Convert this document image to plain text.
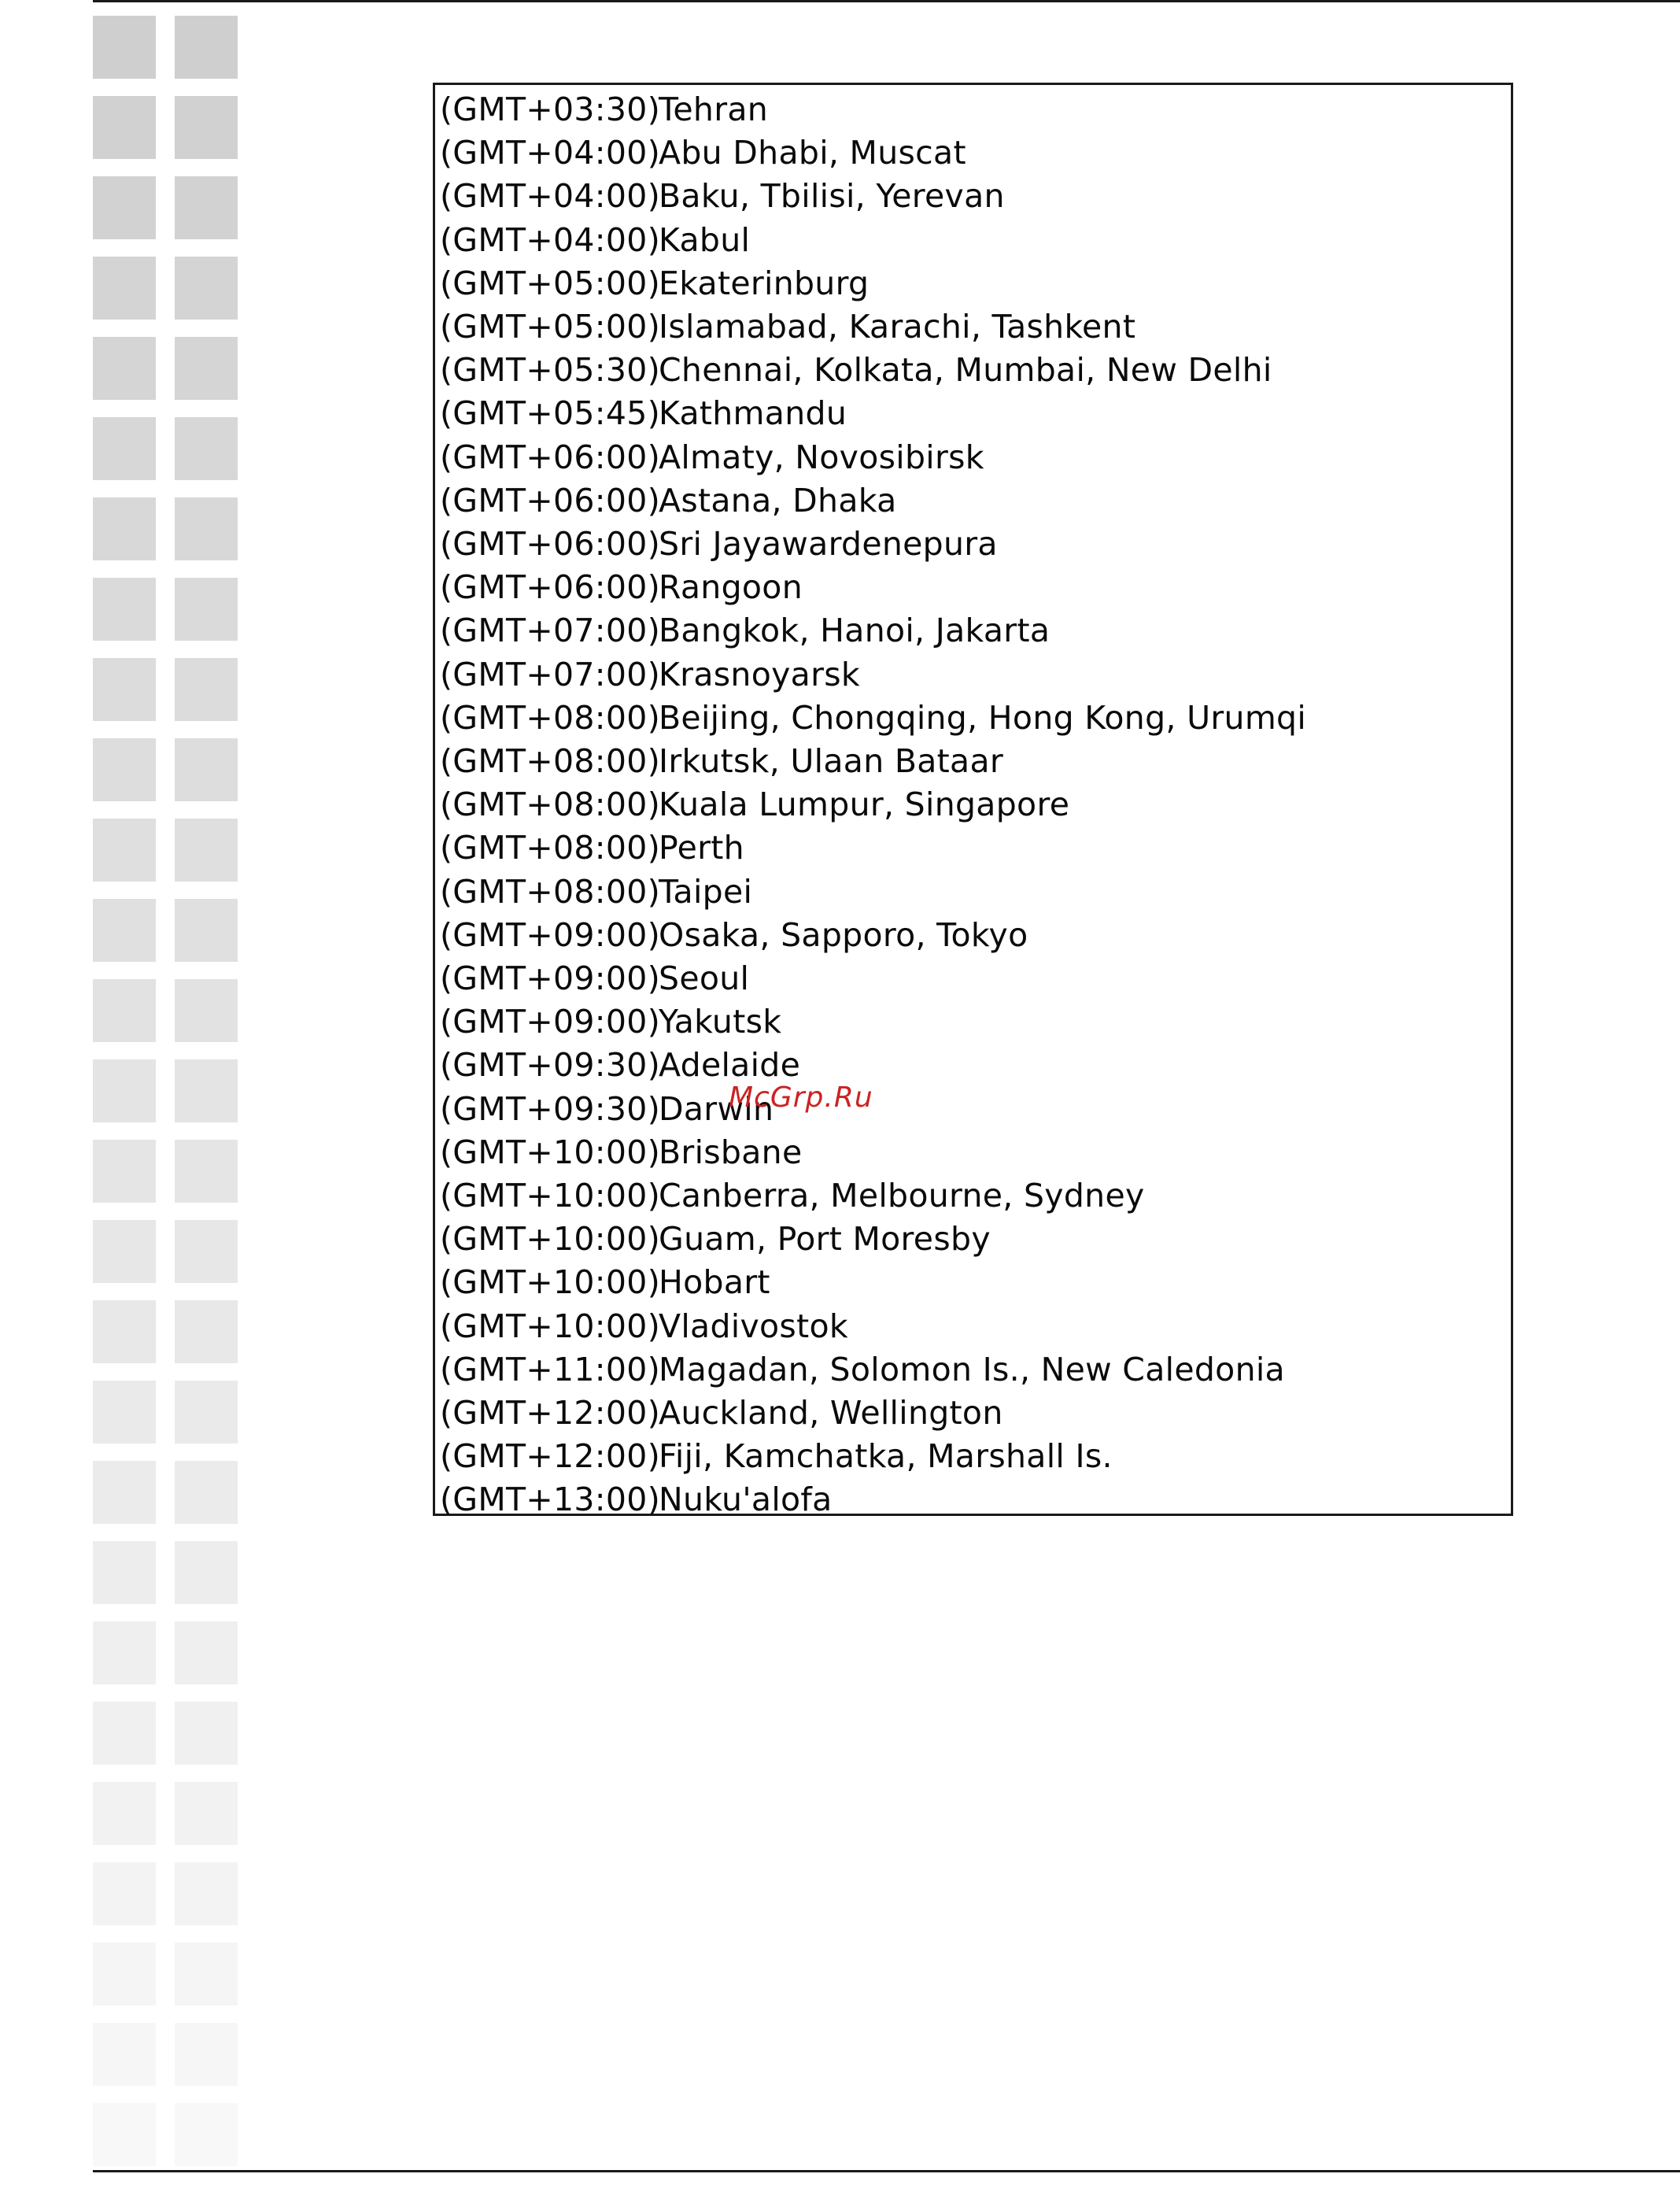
(GMT+03:30)Tehran
(GMT+04:00)Abu Dhabi, Muscat
(GMT+04:00)Baku, Tbilisi, Yerevan
(GMT+04:00)Kabul
(GMT+05:00)Ekaterinburg
(GMT+05:00)Islamabad, Karachi, Tashkent
(GMT+05:30)Chennai, Kolkata, Mumbai, New Delhi
(GMT+05:45)Kathmandu
(GMT+06:00)Almaty, Novosibirsk
(GMT+06:00)Astana, Dhaka
(GMT+06:00)Sri Jayawardenepura
(GMT+06:00)Rangoon
(GMT+07:00)Bangkok, Hanoi, Jakarta
(GMT+07:00)Krasnoyarsk
(GMT+08:00)Beijing, Chongqing, Hong Kong, Urumqi
(GMT+08:00)Irkutsk, Ulaan Bataar
(GMT+08:00)Kuala Lumpur, Singapore
(GMT+08:00)Perth
(GMT+08:00)Taipei
(GMT+09:00)Osaka, Sapporo, Tokyo
(GMT+09:00)Seoul
(GMT+09:00)Yakutsk
(GMT+09:30)Adelaide
(GMT+09:30)Darwin
(GMT+10:00)Brisbane
(GMT+10:00)Canberra, Melbourne, Sydney
(GMT+10:00)Guam, Port Moresby
(GMT+10:00)Hobart
(GMT+10:00)Vladivostok
(GMT+11:00)Magadan, Solomon Is., New Caledonia
(GMT+12:00)Auckland, Wellington
(GMT+12:00)Fiji, Kamchatka, Marshall Is.
(GMT+13:00)Nuku'alofa
McGrp.Ru
